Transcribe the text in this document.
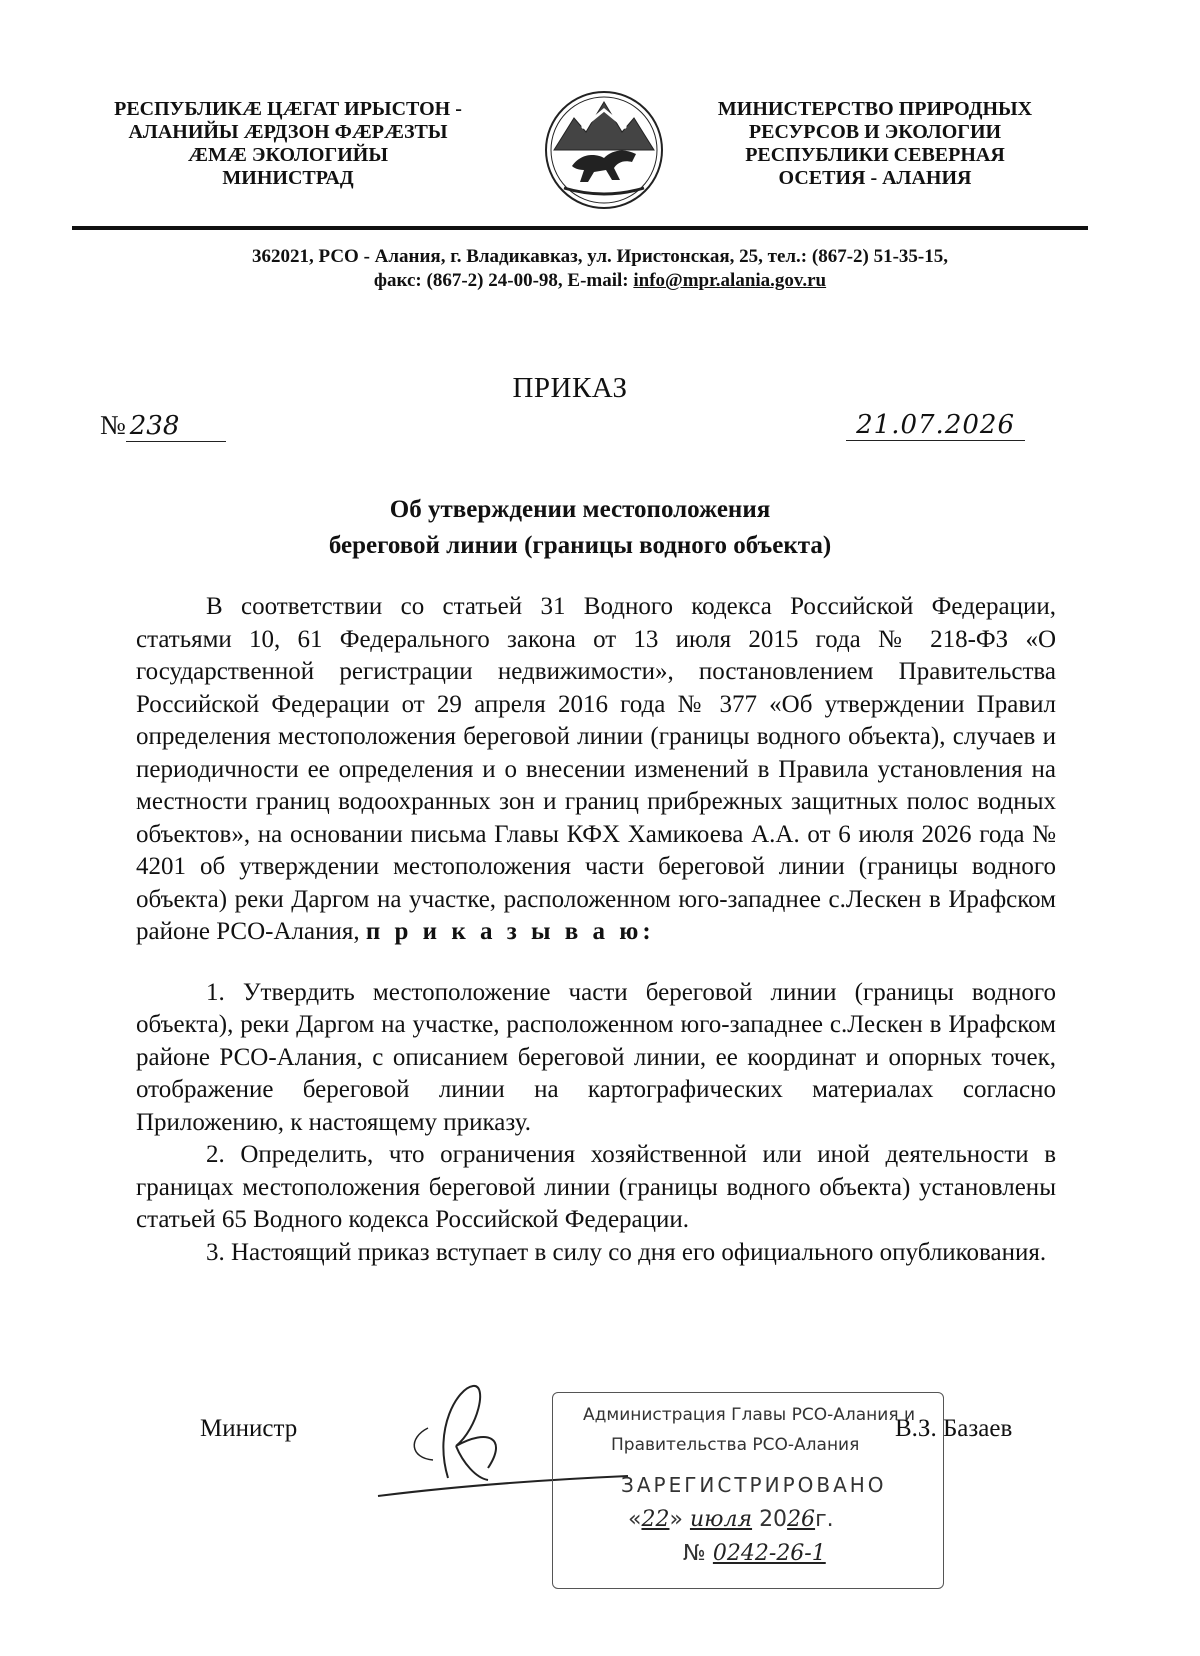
РЕСПУБЛИКÆ ЦÆГАТ ИРЫСТОН -
АЛАНИЙЫ ÆРДЗОН ФÆРÆЗТЫ
ÆМÆ ЭКОЛОГИЙЫ
МИНИСТРАД
МИНИСТЕРСТВО ПРИРОДНЫХ
РЕСУРСОВ И ЭКОЛОГИИ
РЕСПУБЛИКИ СЕВЕРНАЯ
ОСЕТИЯ - АЛАНИЯ
362021, РСО - Алания, г. Владикавказ, ул. Иристонская, 25, тел.: (867-2) 51-35-15,
факс: (867-2) 24-00-98, E-mail: info@mpr.alania.gov.ru
ПРИКАЗ
№ 238	21.07.2026
Об утверждении местоположения
береговой линии (границы водного объекта)

В соответствии со статьей 31 Водного кодекса Российской Федерации, статьями 10, 61 Федерального закона от 13 июля 2015 года № 218-ФЗ «О государственной регистрации недвижимости», постановлением Правительства Российской Федерации от 29 апреля 2016 года № 377 «Об утверждении Правил определения местоположения береговой линии (границы водного объекта), случаев и периодичности ее определения и о внесении изменений в Правила установления на местности границ водоохранных зон и границ прибрежных защитных полос водных объектов», на основании письма Главы КФХ Хамикоева А.А. от 6 июля 2026 года № 4201 об утверждении местоположения части береговой линии (границы водного объекта) реки Даргом на участке, расположенном юго-западнее с.Лескен в Ирафском районе РСО-Алания, п р и к а з ы в а ю:

1. Утвердить местоположение части береговой линии (границы водного объекта), реки Даргом на участке, расположенном юго-западнее с.Лескен в Ирафском районе РСО-Алания, с описанием береговой линии, ее координат и опорных точек, отображение береговой линии на картографических материалах согласно Приложению, к настоящему приказу.

2. Определить, что ограничения хозяйственной или иной деятельности в границах местоположения береговой линии (границы водного объекта) установлены статьей 65 Водного кодекса Российской Федерации.

3. Настоящий приказ вступает в силу со дня его официального опубликования.

Министр	В.З. Базаев
Администрация Главы РСО-Алания и
Правительства РСО-Алания
ЗАРЕГИСТРИРОВАНО
«22» июля 2026г.
№ 0242-26-1
